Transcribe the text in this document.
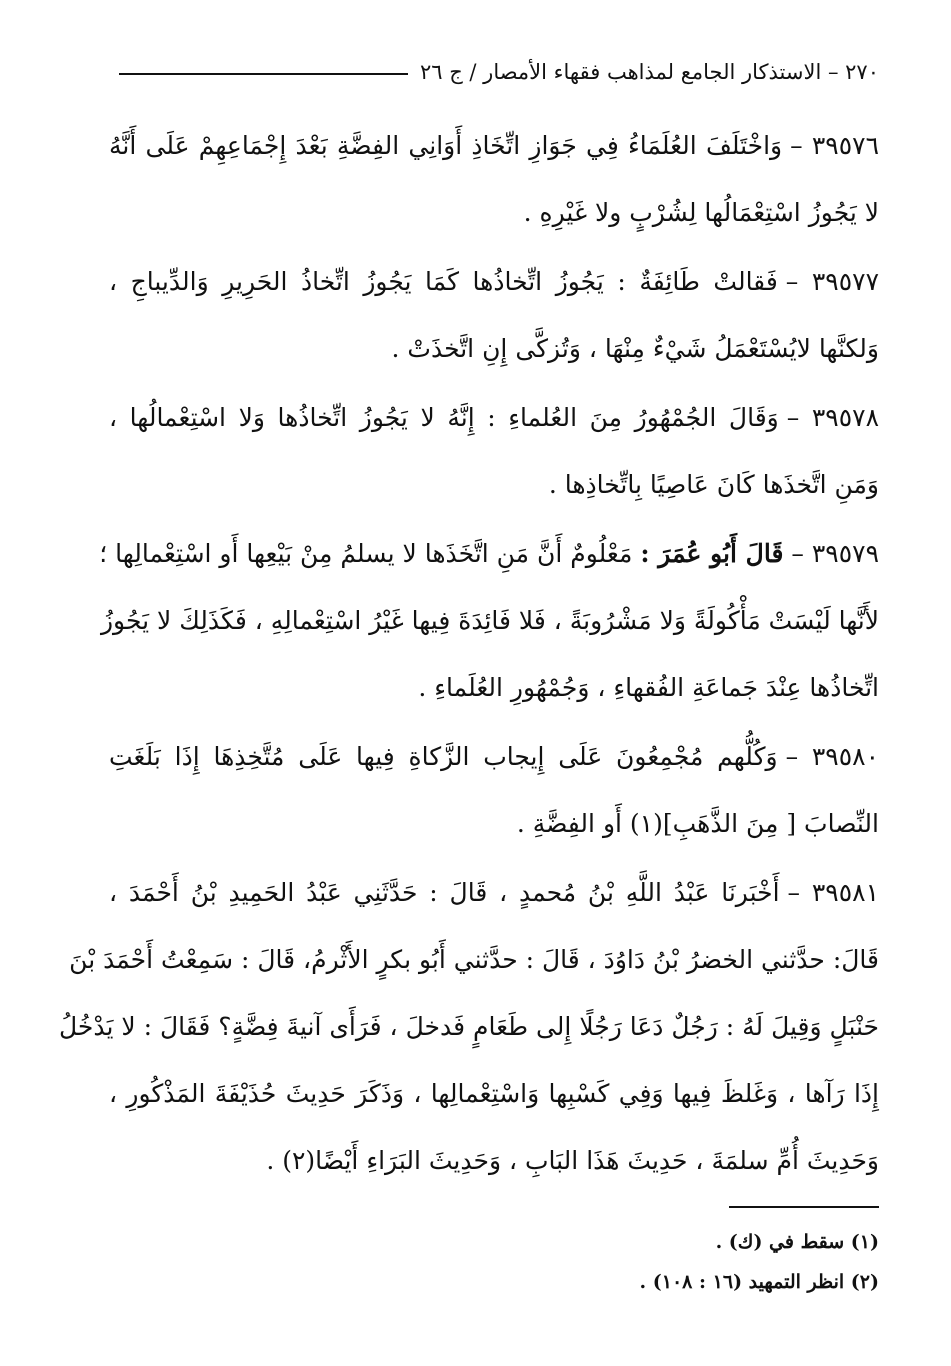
٢٧٠ – الاستذكار الجامع لمذاهب فقهاء الأمصار / ج ٢٦
٣٩٥٧٦ –وَاخْتَلَفَ العُلَمَاءُ فِي جَوَازِ اتِّخَاذِ أَوَانِي الفِضَّةِ بَعْدَ إِجْمَاعِهِمْ عَلَى أَنَّهُ
لا يَجُوزُ اسْتِعْمَالُها لِشُرْبٍ ولا غَيْرِهِ .
٣٩٥٧٧ –فَقالتْ طَائِفَةٌ : يَجُوزُ اتِّخاذُها كَمَا يَجُوزُ اتِّخاذُ الحَرِيرِ وَالدِّيباجِ ،
وَلكنَّها لايُسْتَعْمَلُ شَيْءٌ مِنْهَا ، وَتُزكَّى إِنِ اتَّخذَتْ .
٣٩٥٧٨ –وَقَالَ الجُمْهُورُ مِنَ العُلماءِ : إِنَّهُ لا يَجُوزُ اتِّخاذُها وَلا اسْتِعْمالُها ،
وَمَنِ اتَّخذَها كَانَ عَاصِيًا بِاتِّخاذِها .
٣٩٥٧٩ –قَالَ أَبُو عُمَرَ : مَعْلُومٌ أَنَّ مَنِ اتَّخَذَها لا يسلمُ مِنْ بَيْعِها أَو اسْتِعْمالِها ؛
لأَنَّها لَيْسَتْ مَأْكُولَةً وَلا مَشْرُوبَةً ، فَلا فَائِدَةَ فِيها غَيْرُ اسْتِعْمالِهِ ، فَكَذَلِكَ لا يَجُوزُ
اتِّخاذُها عِنْدَ جَماعَةِ الفُقهاءِ ، وَجُمْهُورِ العُلَماءِ .
٣٩٥٨٠ –وَكُلُّهم مُجْمِعُونَ عَلَى إِيجاب الزَّكاةِ فِيها عَلَى مُتَّخِذِهَا إِذَا بَلَغَتِ
النِّصابَ [ مِنَ الذَّهَبِ](١) أَو الفِضَّةِ .
٣٩٥٨١ –أَخْبَرنَا عَبْدُ اللَّهِ بْنُ مُحمدٍ ، قَالَ : حَدَّثَنِي عَبْدُ الحَمِيدِ بْنُ أَحْمَدَ ،
قَالَ: حدَّثني الخضرُ بْنُ دَاوُدَ ، قَالَ : حدَّثني أَبُو بكرٍ الأَثْرمُ، قَالَ : سَمِعْتُ أَحْمَدَ بْنَ
حَنْبَلٍ وَقِيلَ لَهُ : رَجُلٌ دَعَا رَجُلًا إِلى طَعَامٍ فَدخلَ ، فَرَأَى آنيةَ فِضَّةٍ؟ فَقَالَ : لا يَدْخُلُ
إِذَا رَآها ، وَغَلظَ فِيها وَفِي كَسْبِها وَاسْتِعْمالِها ، وَذَكَرَ حَدِيثَ حُذَيْفَةَ المَذْكُورِ ،
وَحَدِيثَ أُمِّ سلمَةَ ، حَدِيثَ هَذَا البَابِ ، وَحَدِيثَ البَرَاءِ أَيْضًا(٢) .
(١) سقط في (ك) .
(٢) انظر التمهيد (١٦ : ١٠٨) .
